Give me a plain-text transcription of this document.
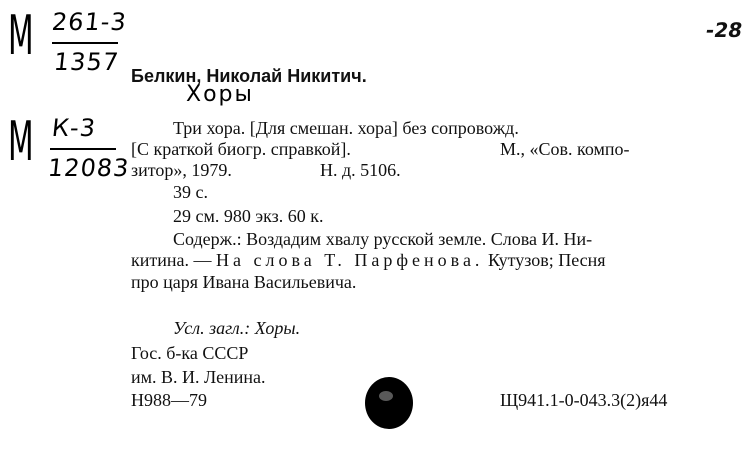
М 261-3
1357
М К-3
12083
-28
Белкин, Николай Никитич.
Хоры
Три хора. [Для смешан. хора] без сопровожд.
[С краткой биогр. справкой].	М., «Сов. компо-
зитор», 1979.	Н. д. 5106.
39 с.
29 см. 980 экз. 60 к.
Содерж.: Воздадим хвалу русской земле. Слова И. Ни-
китина. — На слова Т. Парфенова. Кутузов; Песня
про царя Ивана Васильевича.
Усл. загл.: Хоры.
Гос. б-ка СССР
им. В. И. Ленина.
Н988—79	Щ941.1-0-043.3(2)я44
